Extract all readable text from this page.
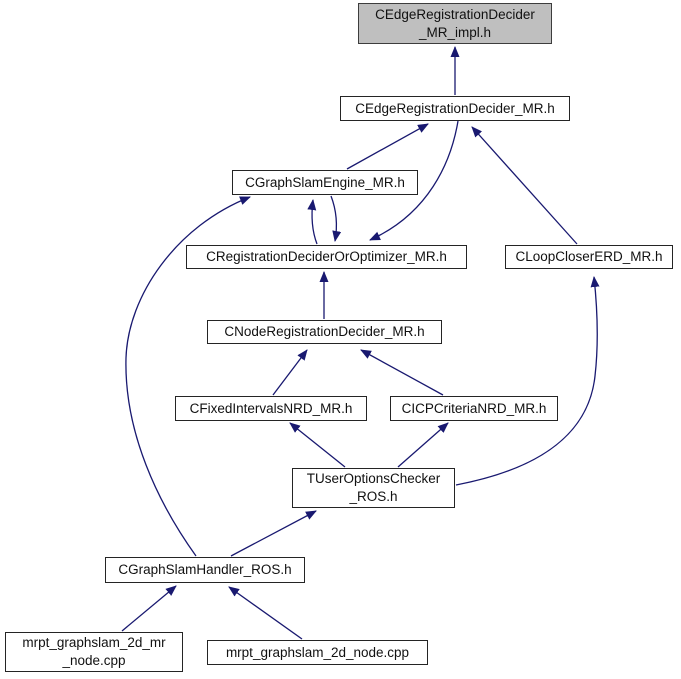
CEdgeRegistrationDecider
_MR_impl.h
CEdgeRegistrationDecider_MR.h
CGraphSlamEngine_MR.h
CRegistrationDeciderOrOptimizer_MR.h	CLoopCloserERD_MR.h
CNodeRegistrationDecider_MR.h
CFixedIntervalsNRD_MR.h	CICPCriteriaNRD_MR.h
TUserOptionsChecker
_ROS.h
CGraphSlamHandler_ROS.h
mrpt_graphslam_2d_mr
_node.cpp
mrpt_graphslam_2d_node.cpp
